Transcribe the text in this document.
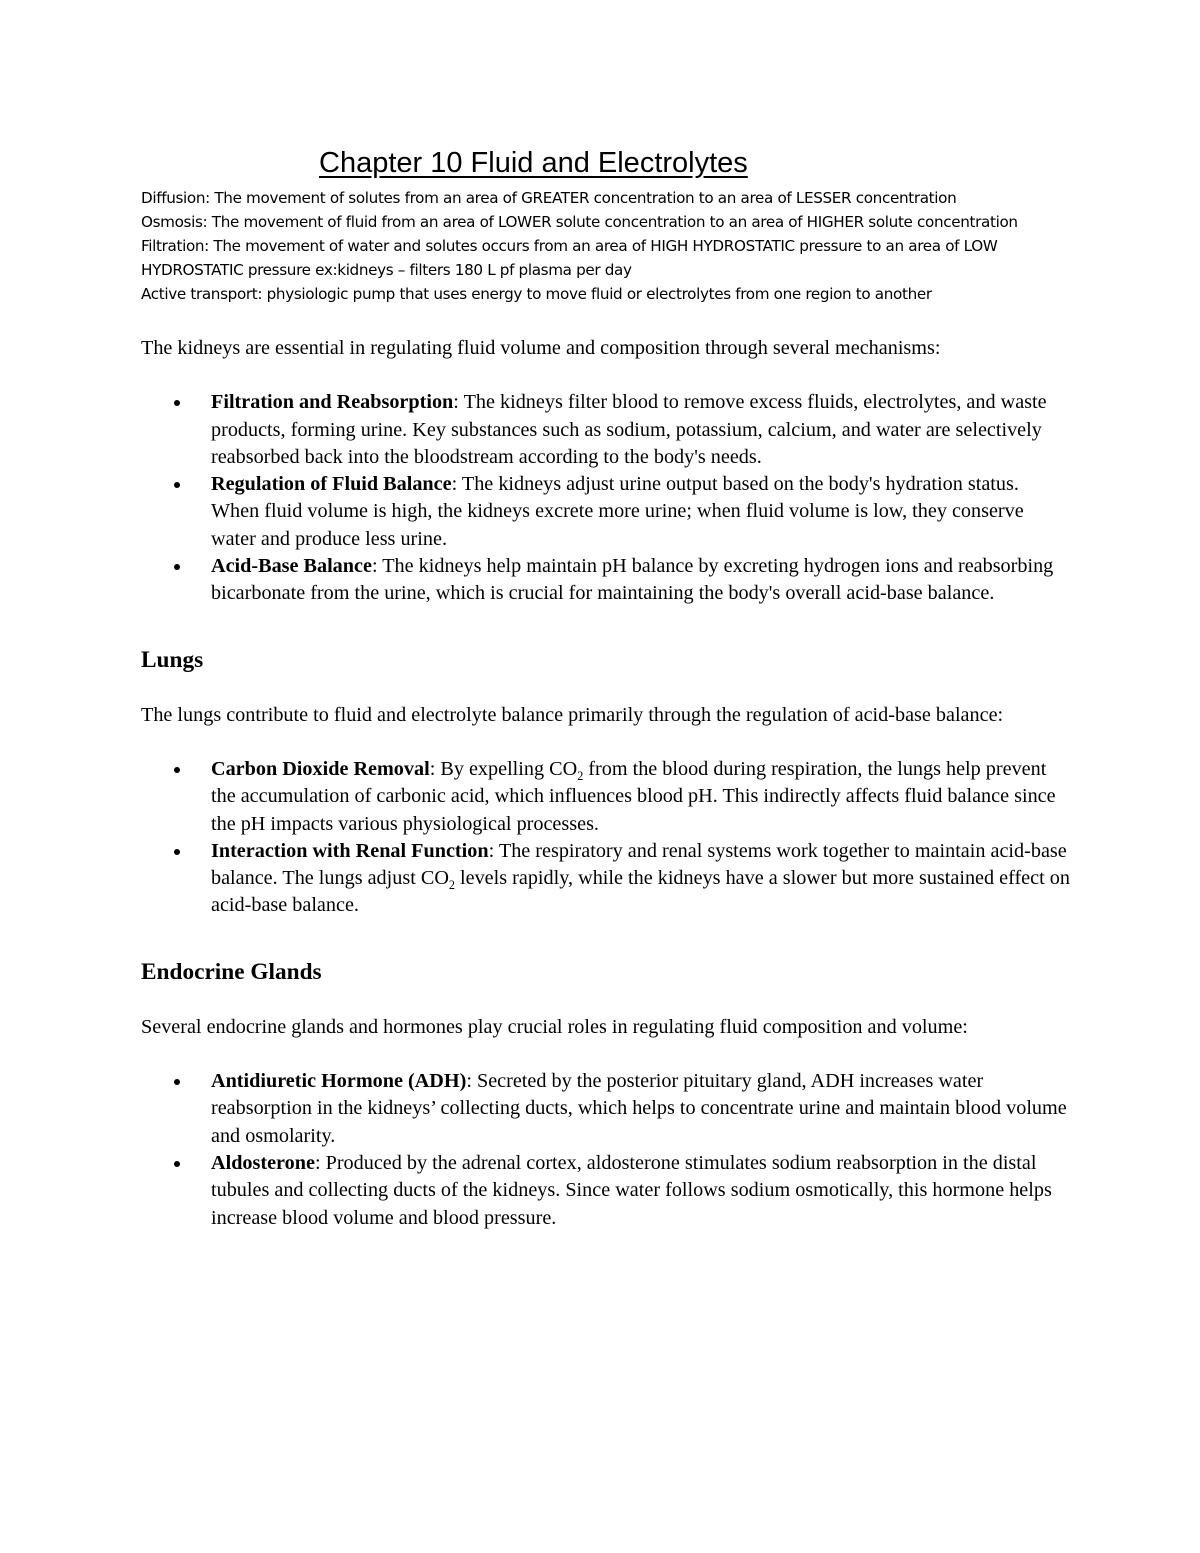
Chapter 10 Fluid and Electrolytes

Diffusion: The movement of solutes from an area of GREATER concentration to an area of LESSER concentration

Osmosis: The movement of fluid from an area of LOWER solute concentration to an area of HIGHER solute concentration

Filtration: The movement of water and solutes occurs from an area of HIGH HYDROSTATIC pressure to an area of LOW HYDROSTATIC pressure ex:kidneys – filters 180 L pf plasma per day

Active transport: physiologic pump that uses energy to move fluid or electrolytes from one region to another

The kidneys are essential in regulating fluid volume and composition through several mechanisms:

Filtration and Reabsorption: The kidneys filter blood to remove excess fluids, electrolytes, and waste products, forming urine. Key substances such as sodium, potassium, calcium, and water are selectively reabsorbed back into the bloodstream according to the body's needs.
Regulation of Fluid Balance: The kidneys adjust urine output based on the body's hydration status. When fluid volume is high, the kidneys excrete more urine; when fluid volume is low, they conserve water and produce less urine.
Acid-Base Balance: The kidneys help maintain pH balance by excreting hydrogen ions and reabsorbing bicarbonate from the urine, which is crucial for maintaining the body's overall acid-base balance.
Lungs

The lungs contribute to fluid and electrolyte balance primarily through the regulation of acid-base balance:

Carbon Dioxide Removal: By expelling $CO_2$ from the blood during respiration, the lungs help prevent the accumulation of carbonic acid, which influences blood pH. This indirectly affects fluid balance since the pH impacts various physiological processes.
Interaction with Renal Function: The respiratory and renal systems work together to maintain acid-base balance. The lungs adjust $CO_2$ levels rapidly, while the kidneys have a slower but more sustained effect on acid-base balance.
Endocrine Glands

Several endocrine glands and hormones play crucial roles in regulating fluid composition and volume:

Antidiuretic Hormone (ADH): Secreted by the posterior pituitary gland, ADH increases water reabsorption in the kidneys’ collecting ducts, which helps to concentrate urine and maintain blood volume and osmolarity.
Aldosterone: Produced by the adrenal cortex, aldosterone stimulates sodium reabsorption in the distal tubules and collecting ducts of the kidneys. Since water follows sodium osmotically, this hormone helps increase blood volume and blood pressure.
